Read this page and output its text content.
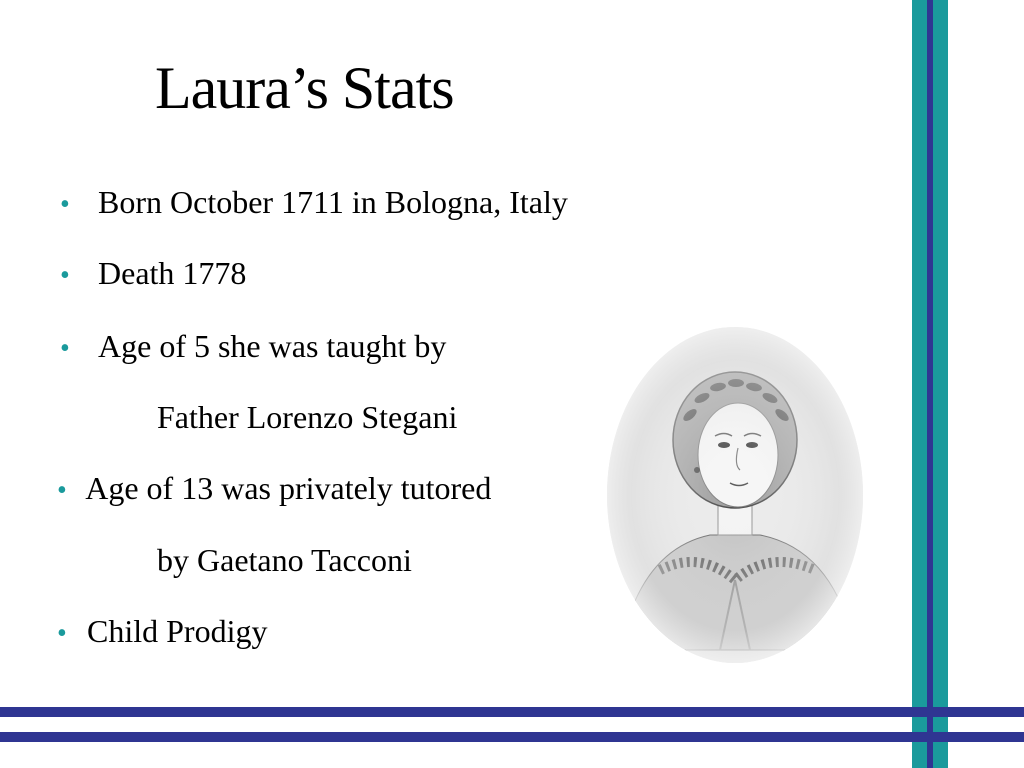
Laura’s Stats
• Born October 1711 in Bologna, Italy
• Death 1778
• Age of 5 she was taught by
Father Lorenzo Stegani
• Age of 13 was privately tutored
by Gaetano Tacconi
• Child Prodigy
